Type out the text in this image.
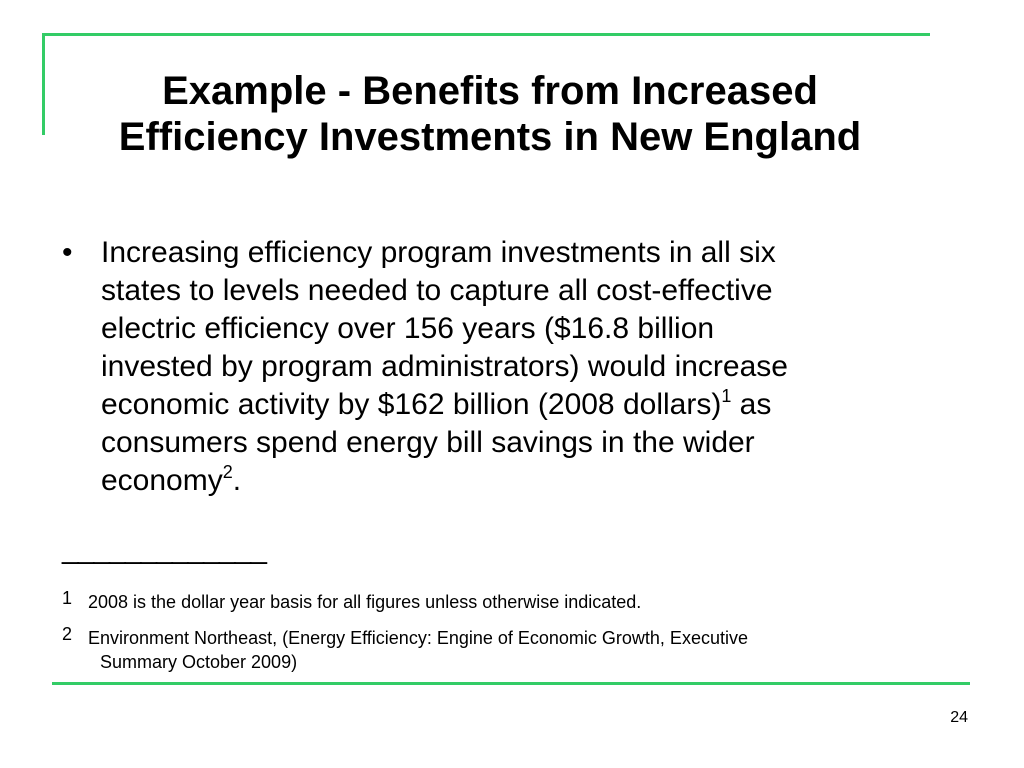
Example - Benefits from Increased
Efficiency Investments in New England
• Increasing efficiency program investments in all six
states to levels needed to capture all cost-effective
electric efficiency over 156 years ($16.8 billion
invested by program administrators) would increase
economic activity by $162 billion (2008 dollars)$^1$ as
consumers spend energy bill savings in the wider
economy$^2$.
_____________
1 2008 is the dollar year basis for all figures unless otherwise indicated.
2 Environment Northeast, (Energy Efficiency: Engine of Economic Growth, Executive
Summary October 2009)
24
